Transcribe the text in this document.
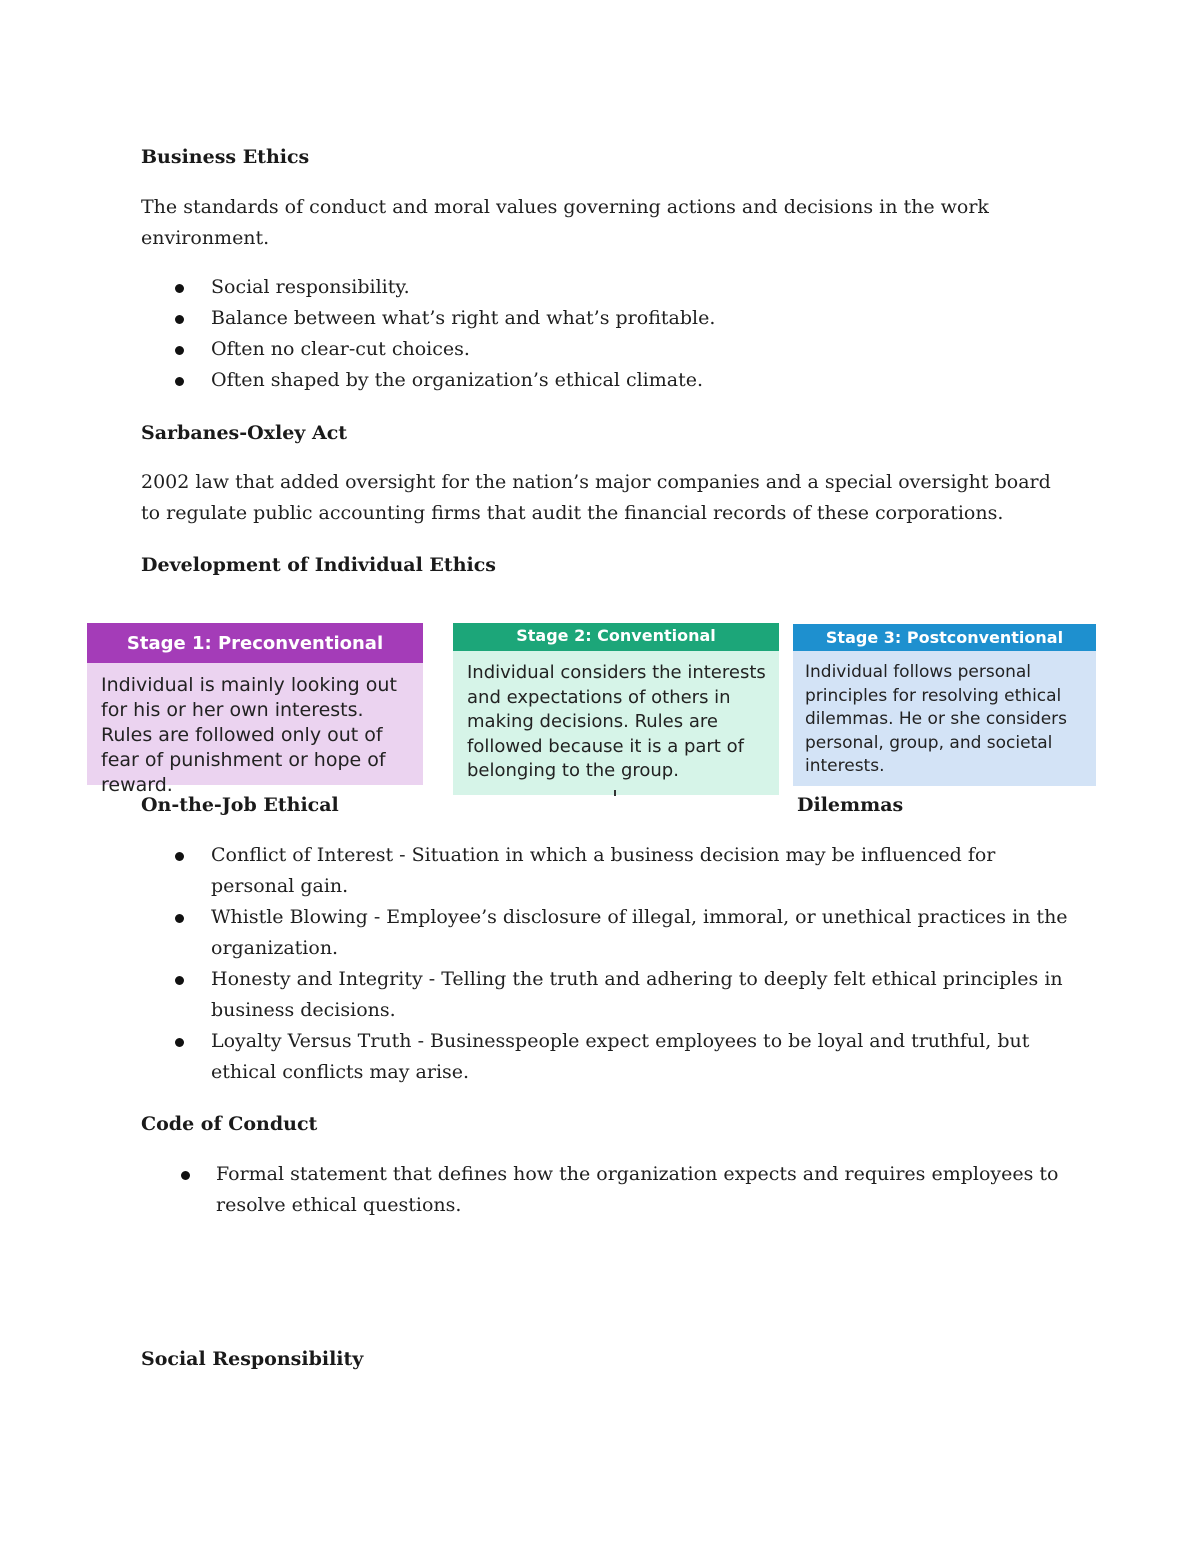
Business Ethics

The standards of conduct and moral values governing actions and decisions in the work environment.

Social responsibility.
Balance between what’s right and what’s profitable.
Often no clear-cut choices.
Often shaped by the organization’s ethical climate.
Sarbanes-Oxley Act

2002 law that added oversight for the nation’s major companies and a special oversight board to regulate public accounting firms that audit the financial records of these corporations.

Development of Individual Ethics
Stage 1: Preconventional
Individual is mainly looking out for his or her own interests. Rules are followed only out of fear of punishment or hope of reward.
Stage 2: Conventional
Individual considers the interests and expectations of others in making decisions. Rules are followed because it is a part of belonging to the group.
Stage 3: Postconventional
Individual follows personal principles for resolving ethical dilemmas. He or she considers personal, group, and societal interests.
On-the-Job Ethical	Dilemmas
Conflict of Interest - Situation in which a business decision may be influenced for personal gain.
Whistle Blowing - Employee’s disclosure of illegal, immoral, or unethical practices in the organization.
Honesty and Integrity - Telling the truth and adhering to deeply felt ethical principles in business decisions.
Loyalty Versus Truth - Businesspeople expect employees to be loyal and truthful, but ethical conflicts may arise.
Code of Conduct
Formal statement that defines how the organization expects and requires employees to resolve ethical questions.
Social Responsibility
